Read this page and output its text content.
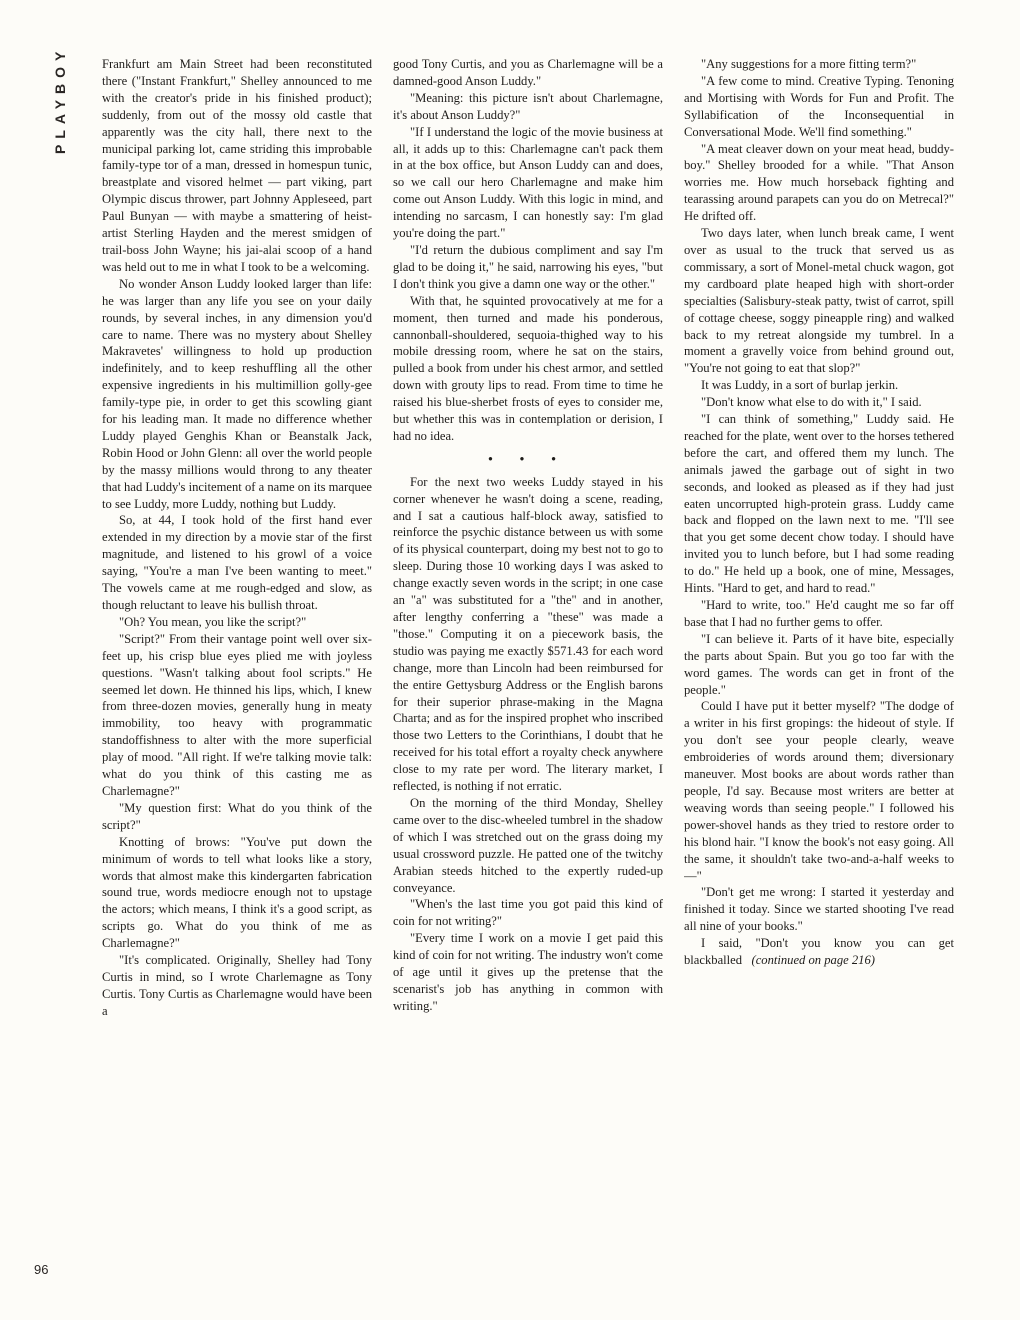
PLAYBOY	Frankfurt am Main Street had been reconstituted there ("Instant Frankfurt," Shelley announced to me with the creator's pride in his finished product); suddenly, from out of the mossy old castle that apparently was the city hall, there next to the municipal parking lot, came striding this improbable family-type tor of a man, dressed in homespun tunic, breastplate and visored helmet — part viking, part Olympic discus thrower, part Johnny Appleseed, part Paul Bunyan — with maybe a smattering of heist-artist Sterling Hayden and the merest smidgen of trail-boss John Wayne; his jai-alai scoop of a hand was held out to me in what I took to be a welcoming.

No wonder Anson Luddy looked larger than life: he was larger than any life you see on your daily rounds, by several inches, in any dimension you'd care to name. There was no mystery about Shelley Makravetes' willingness to hold up production indefinitely, and to keep reshuffling all the other expensive ingredients in his multimillion golly-gee family-type pie, in order to get this scowling giant for his leading man. It made no difference whether Luddy played Genghis Khan or Beanstalk Jack, Robin Hood or John Glenn: all over the world people by the massy millions would throng to any theater that had Luddy's incitement of a name on its marquee to see Luddy, more Luddy, nothing but Luddy.

So, at 44, I took hold of the first hand ever extended in my direction by a movie star of the first magnitude, and listened to his growl of a voice saying, "You're a man I've been wanting to meet." The vowels came at me rough-edged and slow, as though reluctant to leave his bullish throat.

"Oh? You mean, you like the script?"

"Script?" From their vantage point well over six-feet up, his crisp blue eyes plied me with joyless questions. "Wasn't talking about fool scripts." He seemed let down. He thinned his lips, which, I knew from three-dozen movies, generally hung in meaty immobility, too heavy with programmatic standoffishness to alter with the more superficial play of mood. "All right. If we're talking movie talk: what do you think of this casting me as Charlemagne?"

"My question first: What do you think of the script?"

Knotting of brows: "You've put down the minimum of words to tell what looks like a story, words that almost make this kindergarten fabrication sound true, words mediocre enough not to upstage the actors; which means, I think it's a good script, as scripts go. What do you think of me as Charlemagne?"

"It's complicated. Originally, Shelley had Tony Curtis in mind, so I wrote Charlemagne as Tony Curtis. Tony Curtis as Charlemagne would have been a

good Tony Curtis, and you as Charlemagne will be a damned-good Anson Luddy."

"Meaning: this picture isn't about Charlemagne, it's about Anson Luddy?"

"If I understand the logic of the movie business at all, it adds up to this: Charlemagne can't pack them in at the box office, but Anson Luddy can and does, so we call our hero Charlemagne and make him come out Anson Luddy. With this logic in mind, and intending no sarcasm, I can honestly say: I'm glad you're doing the part."

"I'd return the dubious compliment and say I'm glad to be doing it," he said, narrowing his eyes, "but I don't think you give a damn one way or the other."

With that, he squinted provocatively at me for a moment, then turned and made his ponderous, cannonball-shouldered, sequoia-thighed way to his mobile dressing room, where he sat on the stairs, pulled a book from under his chest armor, and settled down with grouty lips to read. From time to time he raised his blue-sherbet frosts of eyes to consider me, but whether this was in contemplation or derision, I had no idea.

• • •

For the next two weeks Luddy stayed in his corner whenever he wasn't doing a scene, reading, and I sat a cautious half-block away, satisfied to reinforce the psychic distance between us with some of its physical counterpart, doing my best not to go to sleep. During those 10 working days I was asked to change exactly seven words in the script; in one case an "a" was substituted for a "the" and in another, after lengthy conferring a "these" was made a "those." Computing it on a piecework basis, the studio was paying me exactly $571.43 for each word change, more than Lincoln had been reimbursed for the entire Gettysburg Address or the English barons for their superior phrase-making in the Magna Charta; and as for the inspired prophet who inscribed those two Letters to the Corinthians, I doubt that he received for his total effort a royalty check anywhere close to my rate per word. The literary market, I reflected, is nothing if not erratic.

On the morning of the third Monday, Shelley came over to the disc-wheeled tumbrel in the shadow of which I was stretched out on the grass doing my usual crossword puzzle. He patted one of the twitchy Arabian steeds hitched to the expertly ruded-up conveyance.

"When's the last time you got paid this kind of coin for not writing?"

"Every time I work on a movie I get paid this kind of coin for not writing. The industry won't come of age until it gives up the pretense that the scenarist's job has anything in common with writing."

"Any suggestions for a more fitting term?"

"A few come to mind. Creative Typing. Tenoning and Mortising with Words for Fun and Profit. The Syllabification of the Inconsequential in Conversational Mode. We'll find something."

"A meat cleaver down on your meat head, buddy-boy." Shelley brooded for a while. "That Anson worries me. How much horseback fighting and tearassing around parapets can you do on Metrecal?" He drifted off.

Two days later, when lunch break came, I went over as usual to the truck that served us as commissary, a sort of Monel-metal chuck wagon, got my cardboard plate heaped high with short-order specialties (Salisbury-steak patty, twist of carrot, spill of cottage cheese, soggy pineapple ring) and walked back to my retreat alongside my tumbrel. In a moment a gravelly voice from behind ground out, "You're not going to eat that slop?"

It was Luddy, in a sort of burlap jerkin.

"Don't know what else to do with it," I said.

"I can think of something," Luddy said. He reached for the plate, went over to the horses tethered before the cart, and offered them my lunch. The animals jawed the garbage out of sight in two seconds, and looked as pleased as if they had just eaten uncorrupted high-protein grass. Luddy came back and flopped on the lawn next to me. "I'll see that you get some decent chow today. I should have invited you to lunch before, but I had some reading to do." He held up a book, one of mine, Messages, Hints. "Hard to get, and hard to read."

"Hard to write, too." He'd caught me so far off base that I had no further gems to offer.

"I can believe it. Parts of it have bite, especially the parts about Spain. But you go too far with the word games. The words can get in front of the people."

Could I have put it better myself? "The dodge of a writer in his first gropings: the hideout of style. If you don't see your people clearly, weave embroideries of words around them; diversionary maneuver. Most books are about words rather than people, I'd say. Because most writers are better at weaving words than seeing people." I followed his power-shovel hands as they tried to restore order to his blond hair. "I know the book's not easy going. All the same, it shouldn't take two-and-a-half weeks to —"

"Don't get me wrong: I started it yesterday and finished it today. Since we started shooting I've read all nine of your books."

I said, "Don't you know you can get blackballed (continued on page 216)

96
